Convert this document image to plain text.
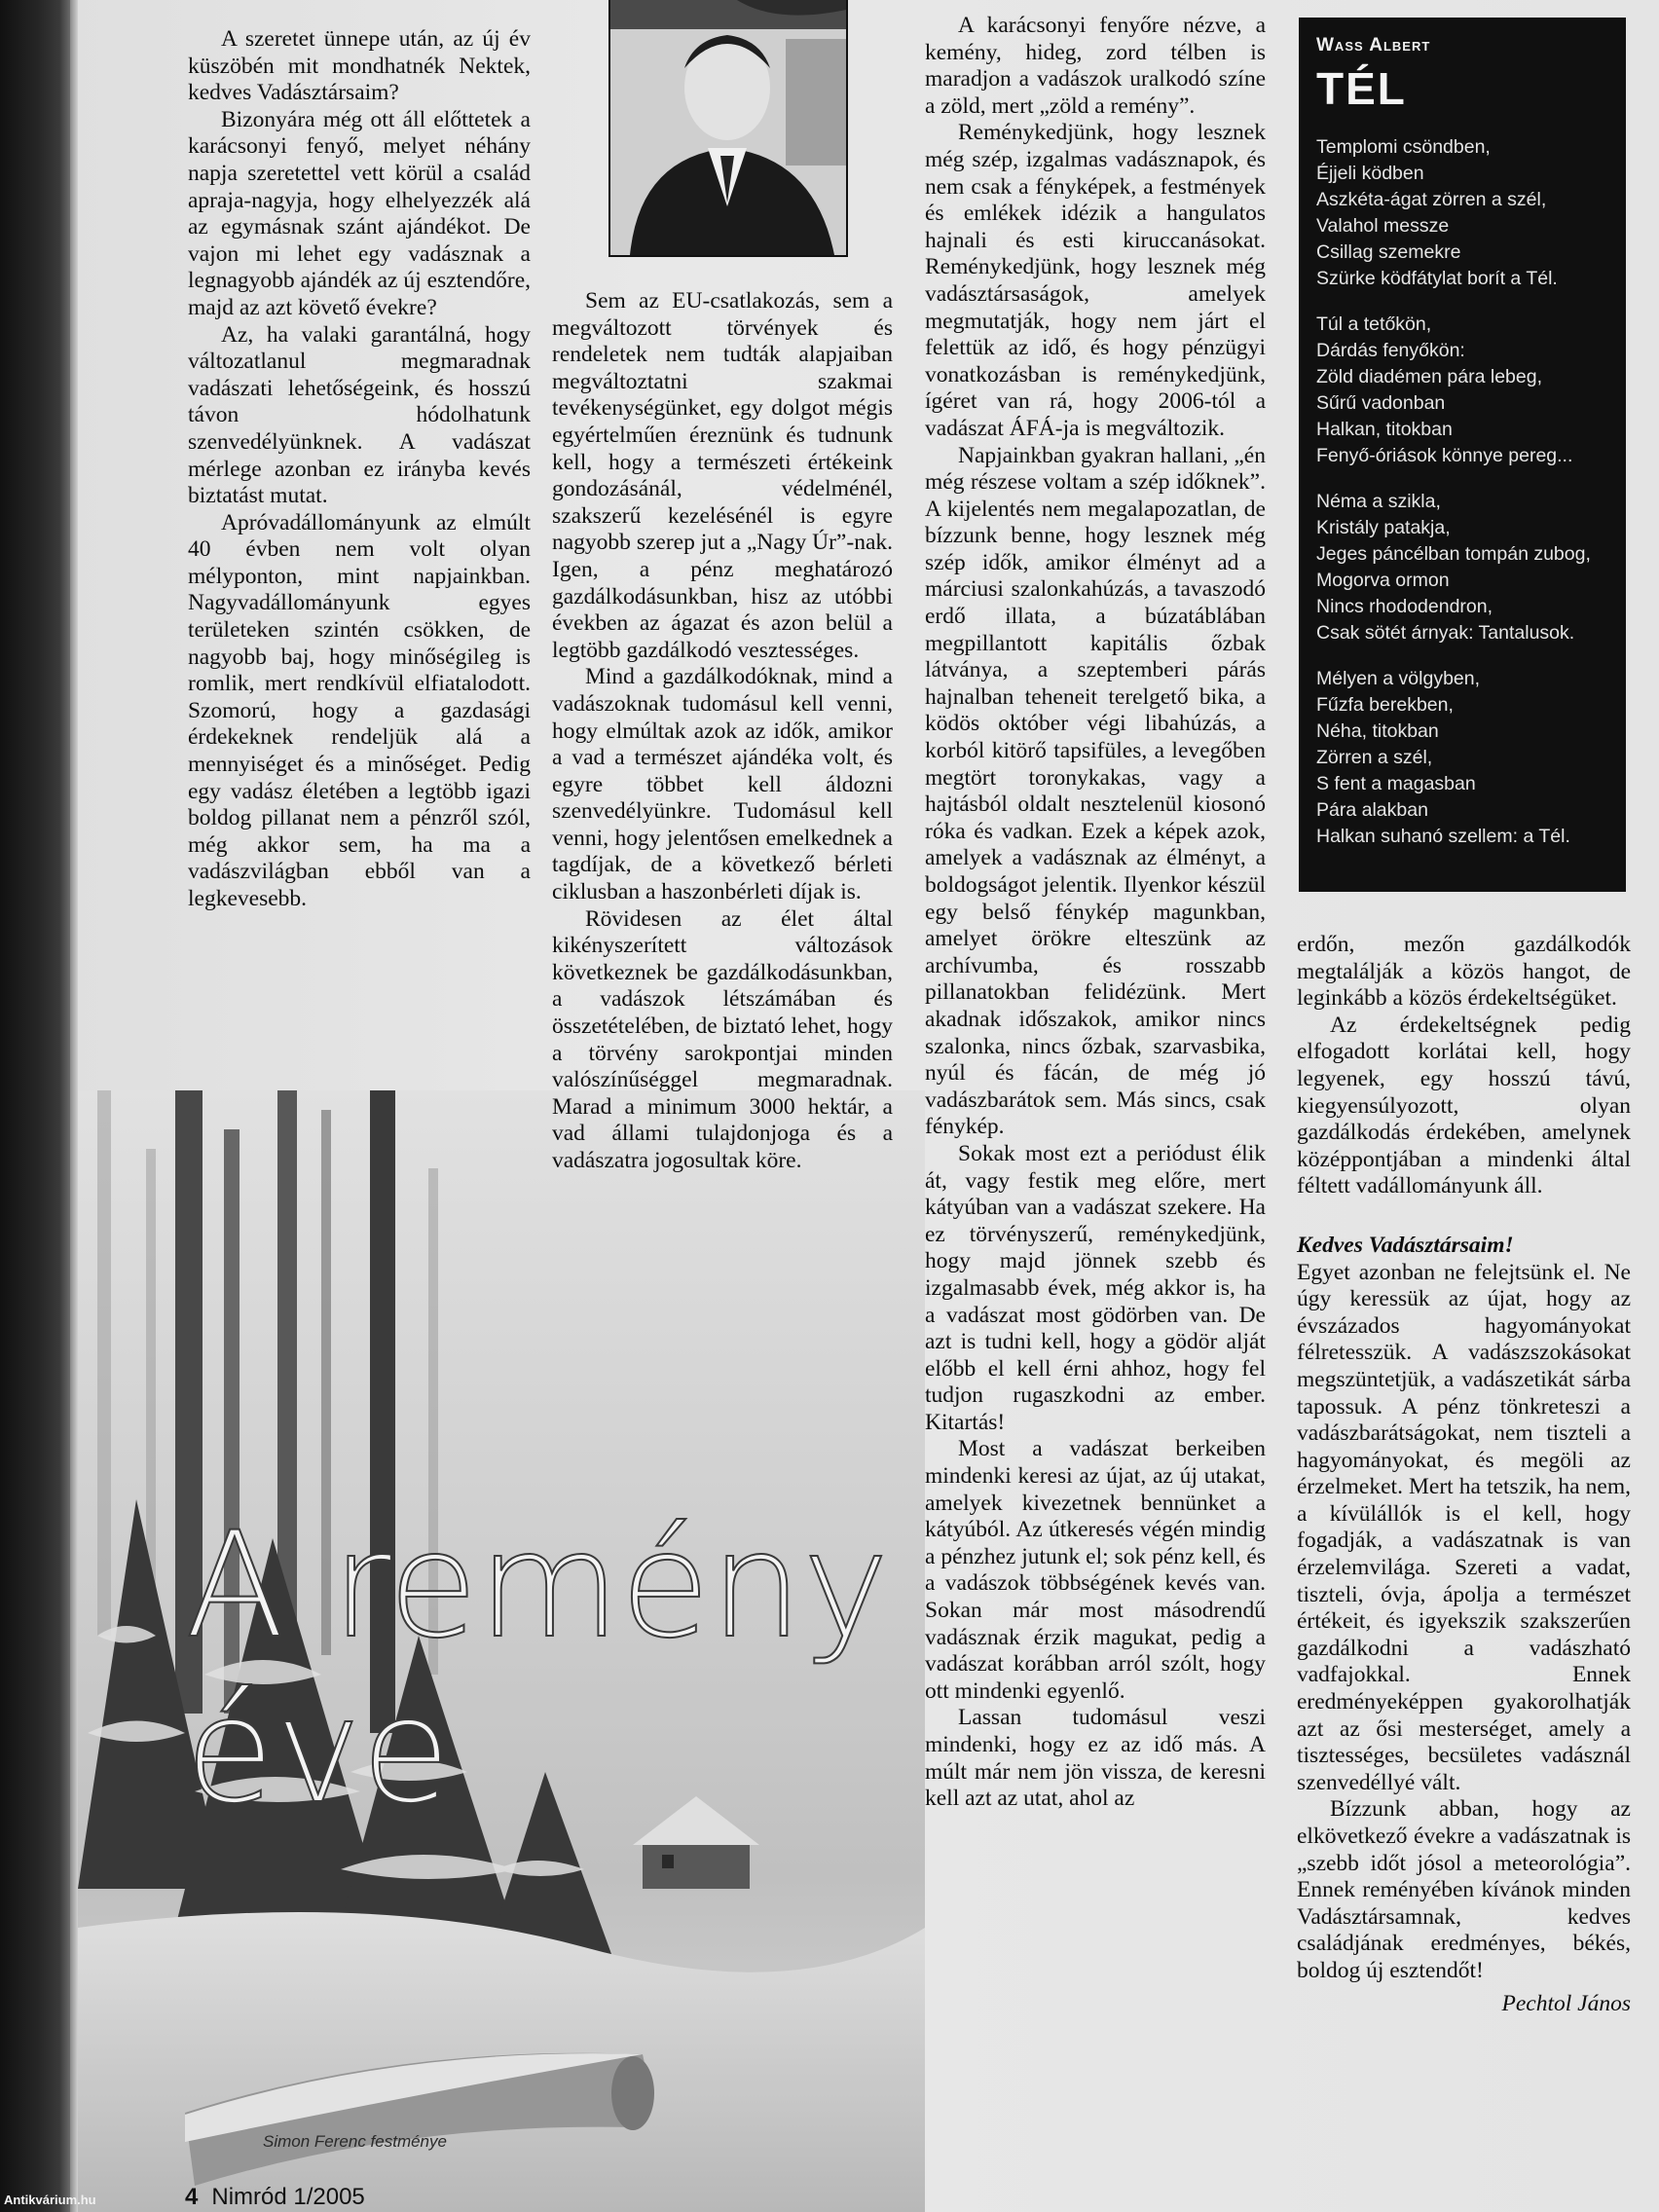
Simon Ferenc festménye
A remény
éve

A szeretet ünnepe után, az új év küszöbén mit mondhatnék Nektek, kedves Vadásztársaim?

Bizonyára még ott áll előttetek a karácsonyi fenyő, melyet néhány napja szeretettel vett körül a család apraja-nagyja, hogy elhelyezzék alá az egymásnak szánt ajándékot. De vajon mi lehet egy vadásznak a legnagyobb ajándék az új esztendőre, majd az azt követő évekre?

Az, ha valaki garantálná, hogy változatlanul megmaradnak vadászati lehetőségeink, és hosszú távon hódolhatunk szenvedélyünknek. A vadászat mérlege azonban ez irányba kevés biztatást mutat.

Apróvadállományunk az elmúlt 40 évben nem volt olyan mélyponton, mint napjainkban. Nagyvadállományunk egyes területeken szintén csökken, de nagyobb baj, hogy minőségileg is romlik, mert rendkívül elfiatalodott. Szomorú, hogy a gazdasági érdekeknek rendeljük alá a mennyiséget és a minőséget. Pedig egy vadász életében a legtöbb igazi boldog pillanat nem a pénzről szól, még akkor sem, ha ma a vadászvilágban ebből van a legkevesebb.

Sem az EU-csatlakozás, sem a megváltozott törvények és rendeletek nem tudták alapjaiban megváltoztatni szakmai tevékenységünket, egy dolgot mégis egyértelműen éreznünk és tudnunk kell, hogy a természeti értékeink gondozásánál, védelménél, szakszerű kezelésénél is egyre nagyobb szerep jut a „Nagy Úr”-nak. Igen, a pénz meghatározó gazdálkodásunkban, hisz az utóbbi években az ágazat és azon belül a legtöbb gazdálkodó vesztességes.

Mind a gazdálkodóknak, mind a vadászoknak tudomásul kell venni, hogy elmúltak azok az idők, amikor a vad a természet ajándéka volt, és egyre többet kell áldozni szenvedélyünkre. Tudomásul kell venni, hogy jelentősen emelkednek a tagdíjak, de a következő bérleti ciklusban a haszonbérleti díjak is.

Rövidesen az élet által kikényszerített változások következnek be gazdálkodásunkban, a vadászok létszámában és összetételében, de biztató lehet, hogy a törvény sarokpontjai minden valószínűséggel megmaradnak. Marad a minimum 3000 hektár, a vad állami tulajdonjoga és a vadászatra jogosultak köre.

A karácsonyi fenyőre nézve, a kemény, hideg, zord télben is maradjon a vadászok uralkodó színe a zöld, mert „zöld a remény”.

Reménykedjünk, hogy lesznek még szép, izgalmas vadásznapok, és nem csak a fényképek, a festmények és emlékek idézik a hangulatos hajnali és esti kiruccanásokat. Reménykedjünk, hogy lesznek még vadásztársaságok, amelyek megmutatják, hogy nem járt el felettük az idő, és hogy pénzügyi vonatkozásban is reménykedjünk, ígéret van rá, hogy 2006-tól a vadászat ÁFÁ-ja is megváltozik.

Napjainkban gyakran hallani, „én még részese voltam a szép időknek”. A kijelentés nem megalapozatlan, de bízzunk benne, hogy lesznek még szép idők, amikor élményt ad a márciusi szalonkahúzás, a tavaszodó erdő illata, a búzatáblában megpillantott kapitális őzbak látványa, a szeptemberi párás hajnalban teheneit terelgető bika, a ködös október végi libahúzás, a korból kitörő tapsifüles, a levegőben megtört toronykakas, vagy a hajtásból oldalt nesztelenül kiosonó róka és vadkan. Ezek a képek azok, amelyek a vadásznak az élményt, a boldogságot jelentik. Ilyenkor készül egy belső fénykép magunkban, amelyet örökre elteszünk az archívumba, és rosszabb pillanatokban felidézünk. Mert akadnak időszakok, amikor nincs szalonka, nincs őzbak, szarvasbika, nyúl és fácán, de még jó vadászbarátok sem. Más sincs, csak fénykép.

Sokak most ezt a periódust élik át, vagy festik meg előre, mert kátyúban van a vadászat szekere. Ha ez törvényszerű, reménykedjünk, hogy majd jönnek szebb és izgalmasabb évek, még akkor is, ha a vadászat most gödörben van. De azt is tudni kell, hogy a gödör alját előbb el kell érni ahhoz, hogy fel tudjon rugaszkodni az ember. Kitartás!

Most a vadászat berkeiben mindenki keresi az újat, az új utakat, amelyek kivezetnek bennünket a kátyúból. Az útkeresés végén mindig a pénzhez jutunk el; sok pénz kell, és a vadászok többségének kevés van. Sokan már most másodrendű vadásznak érzik magukat, pedig a vadászat korábban arról szólt, hogy ott mindenki egyenlő.

Lassan tudomásul veszi mindenki, hogy ez az idő más. A múlt már nem jön vissza, de keresni kell azt az utat, ahol az

Wass Albert
TÉL
Templomi csöndben,
Éjjeli ködben
Aszkéta-ágat zörren a szél,
Valahol messze
Csillag szemekre
Szürke ködfátylat borít a Tél.
Túl a tetőkön,
Dárdás fenyőkön:
Zöld diadémen pára lebeg,
Sűrű vadonban
Halkan, titokban
Fenyő-óriások könnye pereg...
Néma a szikla,
Kristály patakja,
Jeges páncélban tompán zubog,
Mogorva ormon
Nincs rhododendron,
Csak sötét árnyak: Tantalusok.
Mélyen a völgyben,
Fűzfa berekben,
Néha, titokban
Zörren a szél,
S fent a magasban
Pára alakban
Halkan suhanó szellem: a Tél.

erdőn, mezőn gazdálkodók megtalálják a közös hangot, de leginkább a közös érdekeltségüket.

Az érdekeltségnek pedig elfogadott korlátai kell, hogy legyenek, egy hosszú távú, kiegyensúlyozott, olyan gazdálkodás érdekében, amelynek középpontjában a mindenki által féltett vadállományunk áll.

Kedves Vadásztársaim!

Egyet azonban ne felejtsünk el. Ne úgy keressük az újat, hogy az évszázados hagyományokat félretesszük. A vadászszokásokat megszüntetjük, a vadászetikát sárba tapossuk. A pénz tönkreteszi a vadászbarátságokat, nem tiszteli a hagyományokat, és megöli az érzelmeket. Mert ha tetszik, ha nem, a kívülállók is el kell, hogy fogadják, a vadászatnak is van érzelemvilága. Szereti a vadat, tiszteli, óvja, ápolja a természet értékeit, és igyekszik szakszerűen gazdálkodni a vadászható vadfajokkal. Ennek eredményeképpen gyakorolhatják azt az ősi mesterséget, amely a tisztességes, becsületes vadásznál szenvedéllyé vált.

Bízzunk abban, hogy az elkövetkező évekre a vadászatnak is „szebb időt jósol a meteorológia”. Ennek reményében kívánok minden Vadásztársamnak, kedves családjának eredményes, békés, boldog új esztendőt!

Pechtol János

4 Nimród 1/2005
Antikvárium.hu
